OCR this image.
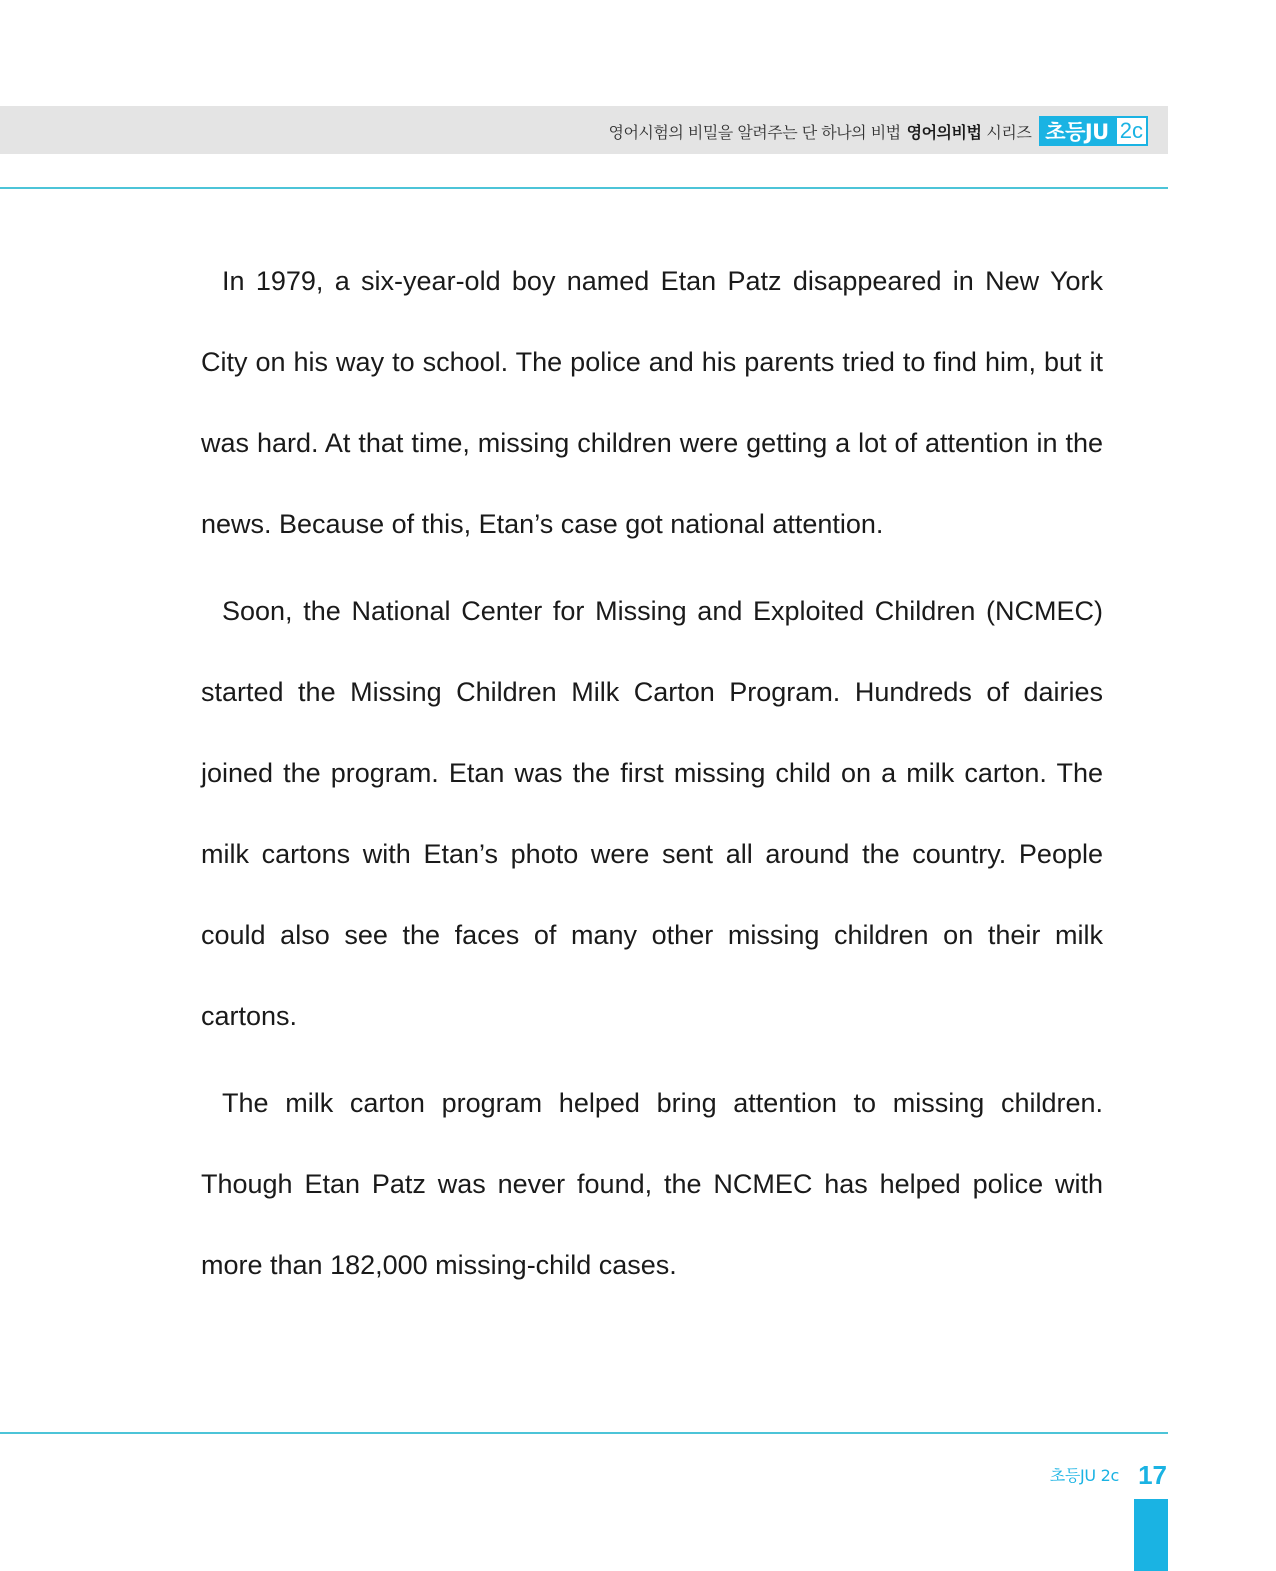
영어시험의 비밀을 알려주는 단 하나의 비법 영어의비법 시리즈 초등JU 2c

In 1979, a six-year-old boy named Etan Patz disappeared in New York City on his way to school. The police and his parents tried to find him, but it was hard. At that time, missing children were getting a lot of attention in the news. Because of this, Etan’s case got national attention.

Soon, the National Center for Missing and Exploited Children (NCMEC) started the Missing Children Milk Carton Program. Hundreds of dairies joined the program. Etan was the first missing child on a milk carton. The milk cartons with Etan’s photo were sent all around the country. People could also see the faces of many other missing children on their milk cartons.

The milk carton program helped bring attention to missing children. Though Etan Patz was never found, the NCMEC has helped police with more than 182,000 missing-child cases.

초등JU 2c 17
